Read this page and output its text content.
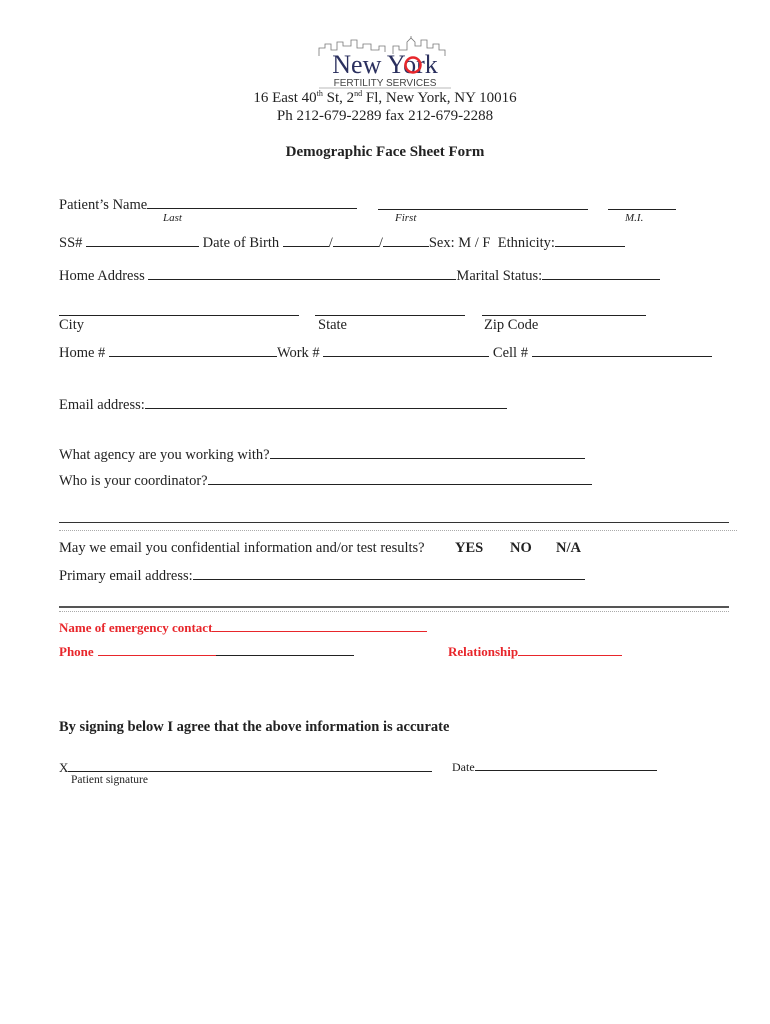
New York
FERTILITY SERVICES
16 East 40th St, 2nd Fl, New York, NY 10016
Ph 212-679-2289 fax 212-679-2288
Demographic Face Sheet Form
Patient’s Name
Last	First	M.I.
SS#	Date of Birth	/	/	Sex: M / F Ethnicity:
Home Address	Marital Status:
City	State	Zip Code
Home #	Work #	Cell #
Email address:
What agency are you working with?
Who is your coordinator?
May we email you confidential information and/or test results? YES NO N/A
Primary email address:
Name of emergency contact
Phone	Relationship
By signing below I agree that the above information is accurate
X
Patient signature
Date
